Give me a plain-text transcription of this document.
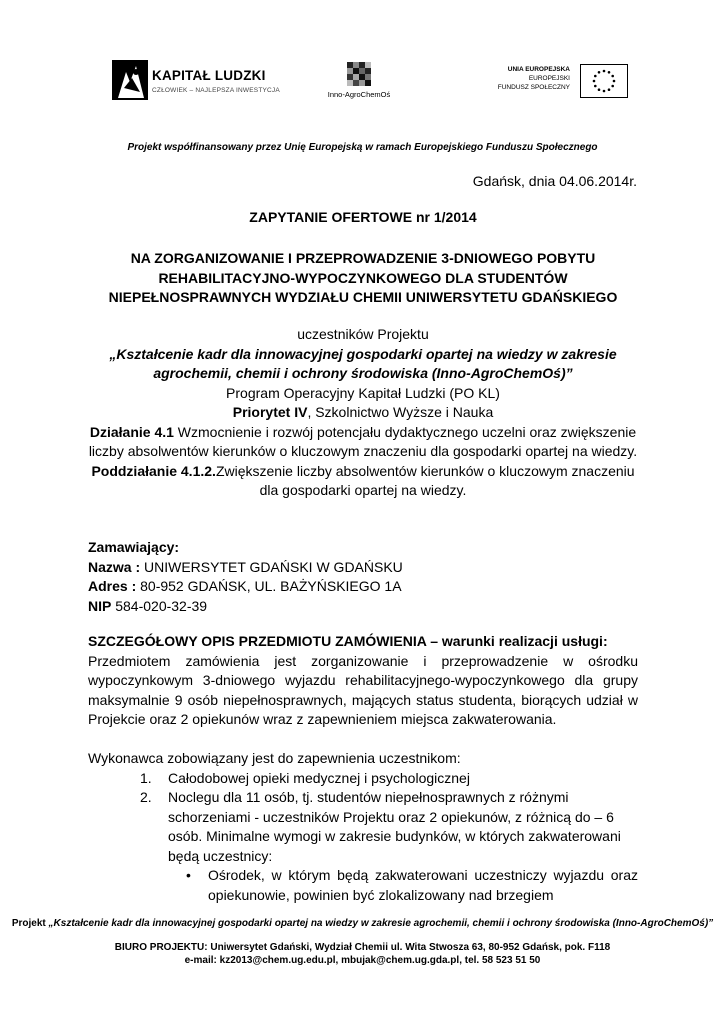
KAPITAŁ LUDZKI
CZŁOWIEK – NAJLEPSZA INWESTYCJA	Inno-AgroChemOś
UNIA EUROPEJSKA
EUROPEJSKI
FUNDUSZ SPOŁECZNY
Projekt współfinansowany przez Unię Europejską w ramach Europejskiego Funduszu Społecznego
Gdańsk, dnia 04.06.2014r.
ZAPYTANIE OFERTOWE nr 1/2014
NA ZORGANIZOWANIE I PRZEPROWADZENIE 3-DNIOWEGO POBYTU
REHABILITACYJNO-WYPOCZYNKOWEGO DLA STUDENTÓW
NIEPEŁNOSPRAWNYCH WYDZIAŁU CHEMII UNIWERSYTETU GDAŃSKIEGO
uczestników Projektu
„Kształcenie kadr dla innowacyjnej gospodarki opartej na wiedzy w zakresie agrochemii, chemii i ochrony środowiska (Inno-AgroChemOś)”
Program Operacyjny Kapitał Ludzki (PO KL)
Priorytet IV, Szkolnictwo Wyższe i Nauka
Działanie 4.1 Wzmocnienie i rozwój potencjału dydaktycznego uczelni oraz zwiększenie liczby absolwentów kierunków o kluczowym znaczeniu dla gospodarki opartej na wiedzy.
Poddziałanie 4.1.2.Zwiększenie liczby absolwentów kierunków o kluczowym znaczeniu dla gospodarki opartej na wiedzy.
Zamawiający:
Nazwa : UNIWERSYTET GDAŃSKI W GDAŃSKU
Adres : 80-952 GDAŃSK, UL. BAŻYŃSKIEGO 1A
NIP 584-020-32-39
SZCZEGÓŁOWY OPIS PRZEDMIOTU ZAMÓWIENIA – warunki realizacji usługi:
Przedmiotem zamówienia jest zorganizowanie i przeprowadzenie w ośrodku wypoczynkowym 3-dniowego wyjazdu rehabilitacyjnego-wypoczynkowego dla grupy maksymalnie 9 osób niepełnosprawnych, mających status studenta, biorących udział w Projekcie oraz 2 opiekunów wraz z zapewnieniem miejsca zakwaterowania.
Wykonawca zobowiązany jest do zapewnienia uczestnikom:
1. Całodobowej opieki medycznej i psychologicznej
2. Noclegu dla 11 osób, tj. studentów niepełnosprawnych z różnymi schorzeniami - uczestników Projektu oraz 2 opiekunów, z różnicą do – 6 osób. Minimalne wymogi w zakresie budynków, w których zakwaterowani będą uczestnicy:
• Ośrodek, w którym będą zakwaterowani uczestniczy wyjazdu oraz opiekunowie, powinien być zlokalizowany nad brzegiem
Projekt „Kształcenie kadr dla innowacyjnej gospodarki opartej na wiedzy w zakresie agrochemii, chemii i ochrony środowiska (Inno-AgroChemOś)”
BIURO PROJEKTU: Uniwersytet Gdański, Wydział Chemii ul. Wita Stwosza 63, 80-952 Gdańsk, pok. F118
e-mail: kz2013@chem.ug.edu.pl, mbujak@chem.ug.gda.pl, tel. 58 523 51 50
